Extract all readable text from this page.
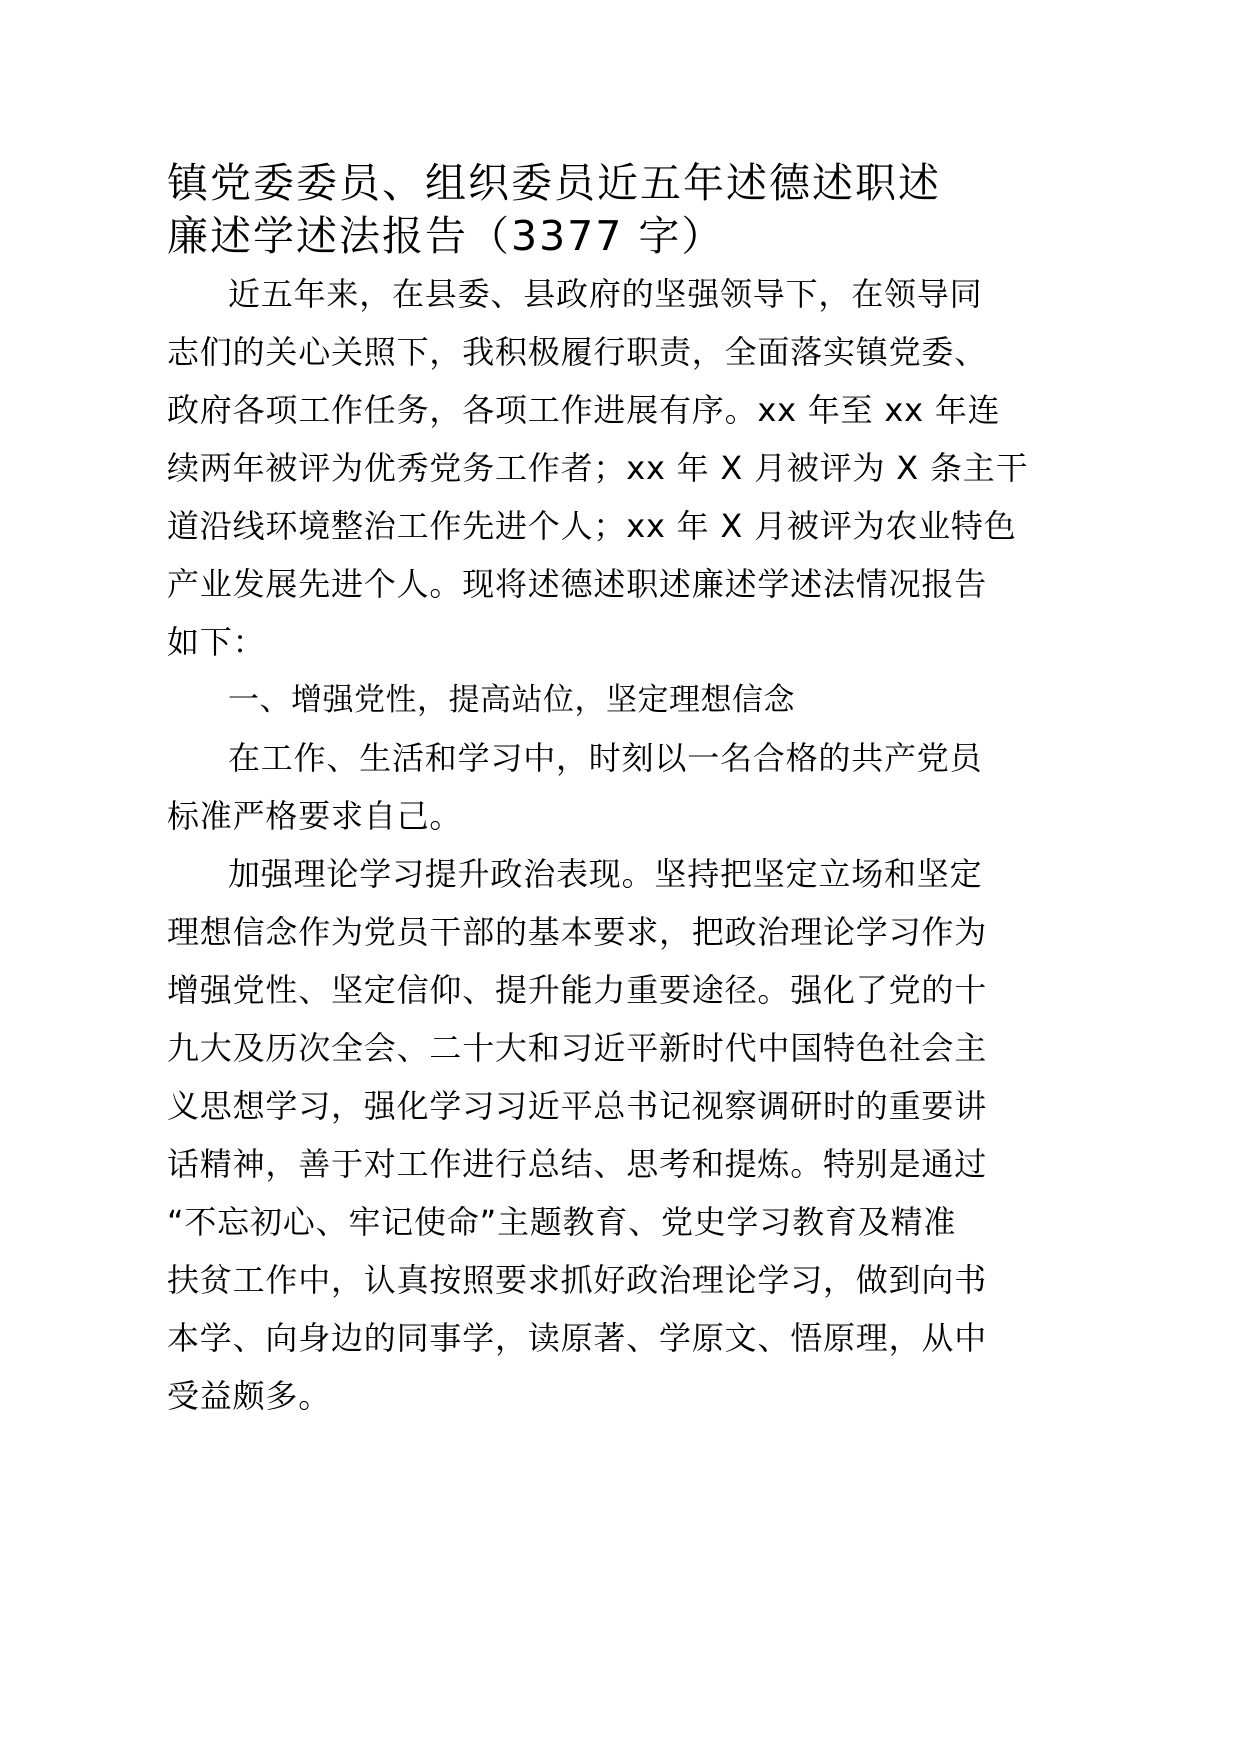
镇党委委员、组织委员近五年述德述职述
廉述学述法报告（3377 字）
近五年来，在县委、县政府的坚强领导下，在领导同
志们的关心关照下，我积极履行职责，全面落实镇党委、
政府各项工作任务，各项工作进展有序。xx 年至 xx 年连
续两年被评为优秀党务工作者；xx 年 X 月被评为 X 条主干
道沿线环境整治工作先进个人；xx 年 X 月被评为农业特色
产业发展先进个人。现将述德述职述廉述学述法情况报告
如下：
一、增强党性，提高站位，坚定理想信念
在工作、生活和学习中，时刻以一名合格的共产党员
标准严格要求自己。
加强理论学习提升政治表现。坚持把坚定立场和坚定
理想信念作为党员干部的基本要求，把政治理论学习作为
增强党性、坚定信仰、提升能力重要途径。强化了党的十
九大及历次全会、二十大和习近平新时代中国特色社会主
义思想学习，强化学习习近平总书记视察调研时的重要讲
话精神，善于对工作进行总结、思考和提炼。特别是通过
“不忘初心、牢记使命”主题教育、党史学习教育及精准
扶贫工作中，认真按照要求抓好政治理论学习，做到向书
本学、向身边的同事学，读原著、学原文、悟原理，从中
受益颇多。
